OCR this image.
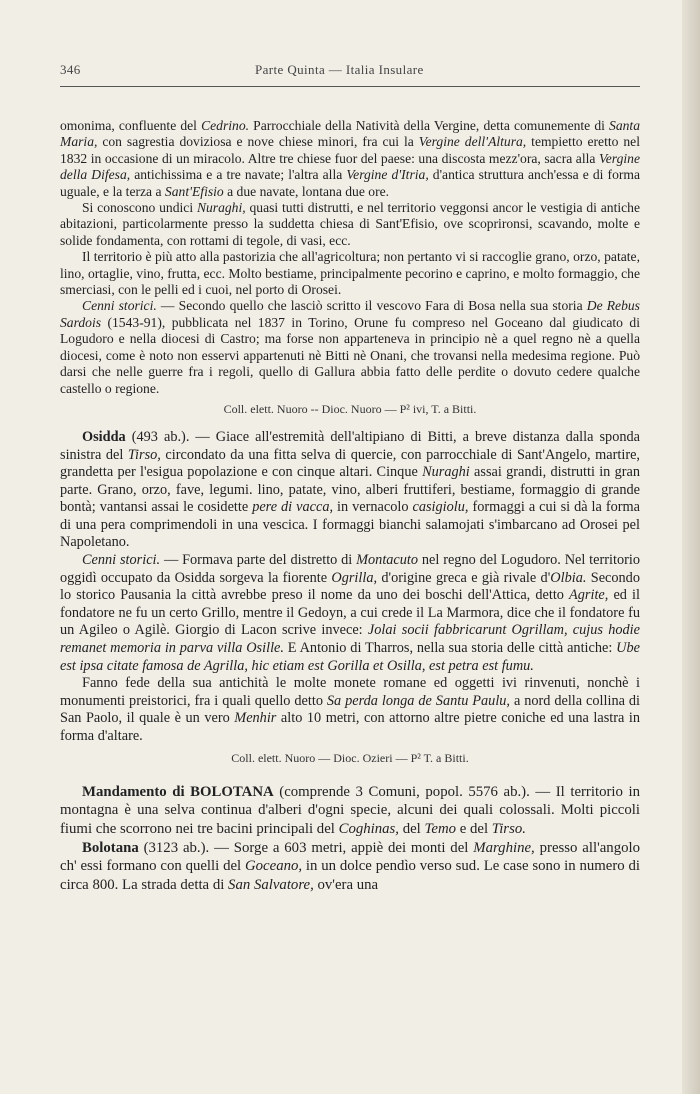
346	Parte Quinta — Italia Insulare

omonima, confluente del Cedrino. Parrocchiale della Natività della Vergine, detta comunemente di Santa Maria, con sagrestia doviziosa e nove chiese minori, fra cui la Vergine dell'Altura, tempietto eretto nel 1832 in occasione di un miracolo. Altre tre chiese fuor del paese: una discosta mezz'ora, sacra alla Vergine della Difesa, antichissima e a tre navate; l'altra alla Vergine d'Itria, d'antica struttura anch'essa e di forma uguale, e la terza a Sant'Efisio a due navate, lontana due ore.

Si conoscono undici Nuraghi, quasi tutti distrutti, e nel territorio veggonsi ancor le vestigia di antiche abitazioni, particolarmente presso la suddetta chiesa di Sant'Efisio, ove scoprironsi, scavando, molte e solide fondamenta, con rottami di tegole, di vasi, ecc.

Il territorio è più atto alla pastorizia che all'agricoltura; non pertanto vi si raccoglie grano, orzo, patate, lino, ortaglie, vino, frutta, ecc. Molto bestiame, principalmente pecorino e caprino, e molto formaggio, che smerciasi, con le pelli ed i cuoi, nel porto di Orosei.

Cenni storici. — Secondo quello che lasciò scritto il vescovo Fara di Bosa nella sua storia De Rebus Sardois (1543-91), pubblicata nel 1837 in Torino, Orune fu compreso nel Goceano dal giudicato di Logudoro e nella diocesi di Castro; ma forse non apparteneva in principio nè a quel regno nè a quella diocesi, come è noto non esservi appartenuti nè Bitti nè Onani, che trovansi nella medesima regione. Può darsi che nelle guerre fra i regoli, quello di Gallura abbia fatto delle perdite o dovuto cedere qualche castello o regione.

Coll. elett. Nuoro -- Dioc. Nuoro — P² ivi, T. a Bitti.

Osidda (493 ab.). — Giace all'estremità dell'altipiano di Bitti, a breve distanza dalla sponda sinistra del Tirso, circondato da una fitta selva di quercie, con parrocchiale di Sant'Angelo, martire, grandetta per l'esigua popolazione e con cinque altari. Cinque Nuraghi assai grandi, distrutti in gran parte. Grano, orzo, fave, legumi. lino, patate, vino, alberi fruttiferi, bestiame, formaggio di grande bontà; vantansi assai le cosidette pere di vacca, in vernacolo casigiolu, formaggi a cui si dà la forma di una pera comprimendoli in una vescica. I formaggi bianchi salamojati s'imbarcano ad Orosei pel Napoletano.

Cenni storici. — Formava parte del distretto di Montacuto nel regno del Logudoro. Nel territorio oggidì occupato da Osidda sorgeva la fiorente Ogrilla, d'origine greca e già rivale d'Olbia. Secondo lo storico Pausania la città avrebbe preso il nome da uno dei boschi dell'Attica, detto Agrite, ed il fondatore ne fu un certo Grillo, mentre il Gedoyn, a cui crede il La Marmora, dice che il fondatore fu un Agileo o Agilè. Giorgio di Lacon scrive invece: Jolai socii fabbricarunt Ogrillam, cujus hodie remanet memoria in parva villa Osille. E Antonio di Tharros, nella sua storia delle città antiche: Ube est ipsa citate famosa de Agrilla, hic etiam est Gorilla et Osilla, est petra est fumu.

Fanno fede della sua antichità le molte monete romane ed oggetti ivi rinvenuti, nonchè i monumenti preistorici, fra i quali quello detto Sa perda longa de Santu Paulu, a nord della collina di San Paolo, il quale è un vero Menhir alto 10 metri, con attorno altre pietre coniche ed una lastra in forma d'altare.

Coll. elett. Nuoro — Dioc. Ozieri — P² T. a Bitti.

Mandamento di BOLOTANA (comprende 3 Comuni, popol. 5576 ab.). — Il territorio in montagna è una selva continua d'alberi d'ogni specie, alcuni dei quali colossali. Molti piccoli fiumi che scorrono nei tre bacini principali del Coghinas, del Temo e del Tirso.

Bolotana (3123 ab.). — Sorge a 603 metri, appiè dei monti del Marghine, presso all'angolo ch' essi formano con quelli del Goceano, in un dolce pendìo verso sud. Le case sono in numero di circa 800. La strada detta di San Salvatore, ov'era una
